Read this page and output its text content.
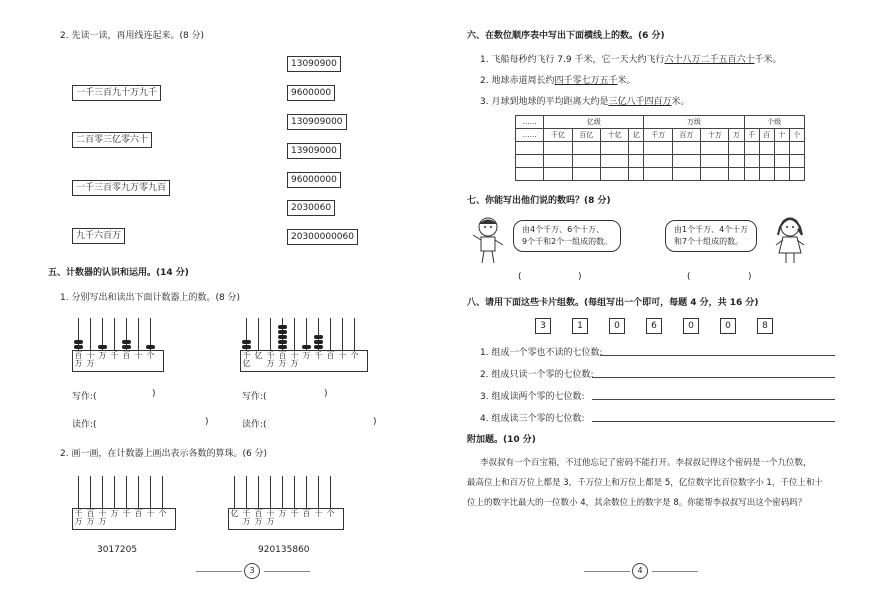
2. 先读一读，再用线连起来。(8 分)
一千三百九十万九千
二百零三亿零六十
一千三百零九万零九百
九千六百万
13090900
9600000
130909000
13909000
96000000
2030060
20300000060
五、计数器的认识和运用。(14 分)
1. 分别写出和读出下面计数器上的数。(8 分)
百万
十万
万 千 百 十 个	千亿
亿 千万
百万
十万
万 千 百 十 个
写作:(	)	写作:(	)
读作:(	)	读作:(	)
2. 画一画，在计数器上画出表示各数的算珠。(6 分)
千万
百万
十万
万 千 百 十 个	亿 千万
百万
十万
万 千 百 十 个
3017205	920135860
3
六、在数位顺序表中写出下面横线上的数。(6 分)
1. 飞船每秒约飞行 7.9 千米，它一天大约飞行六十八万二千五百六十千米。
2. 地球赤道周长约四千零七万五千米。
3. 月球到地球的平均距离大约是三亿八千四百万米。
……	亿级				万级				个级			
……	千亿	百亿	十亿	亿	千万	百万	十万	万	千	百	十	个

七、你能写出他们说的数吗？(8 分)
由4个千万、6个十万、
9个千和2个一组成的数。
由1个千万、4个十万
和7个十组成的数。
(	)	(	)
八、请用下面这些卡片组数。(每组写出一个即可，每题 4 分，共 16 分)
3	1	0	6	0	0	8
1. 组成一个零也不读的七位数:
2. 组成只读一个零的七位数:
3. 组成读两个零的七位数:
4. 组成读三个零的七位数:
附加题。(10 分)
李叔叔有一个百宝箱，不过他忘记了密码不能打开。李叔叔记得这个密码是一个九位数，
最高位上和百万位上都是 3，千万位上和万位上都是 5，亿位数字比百位数字小 1，千位上和十
位上的数字比最大的一位数小 4，其余数位上的数字是 8。你能帮李叔叔写出这个密码吗？
4
